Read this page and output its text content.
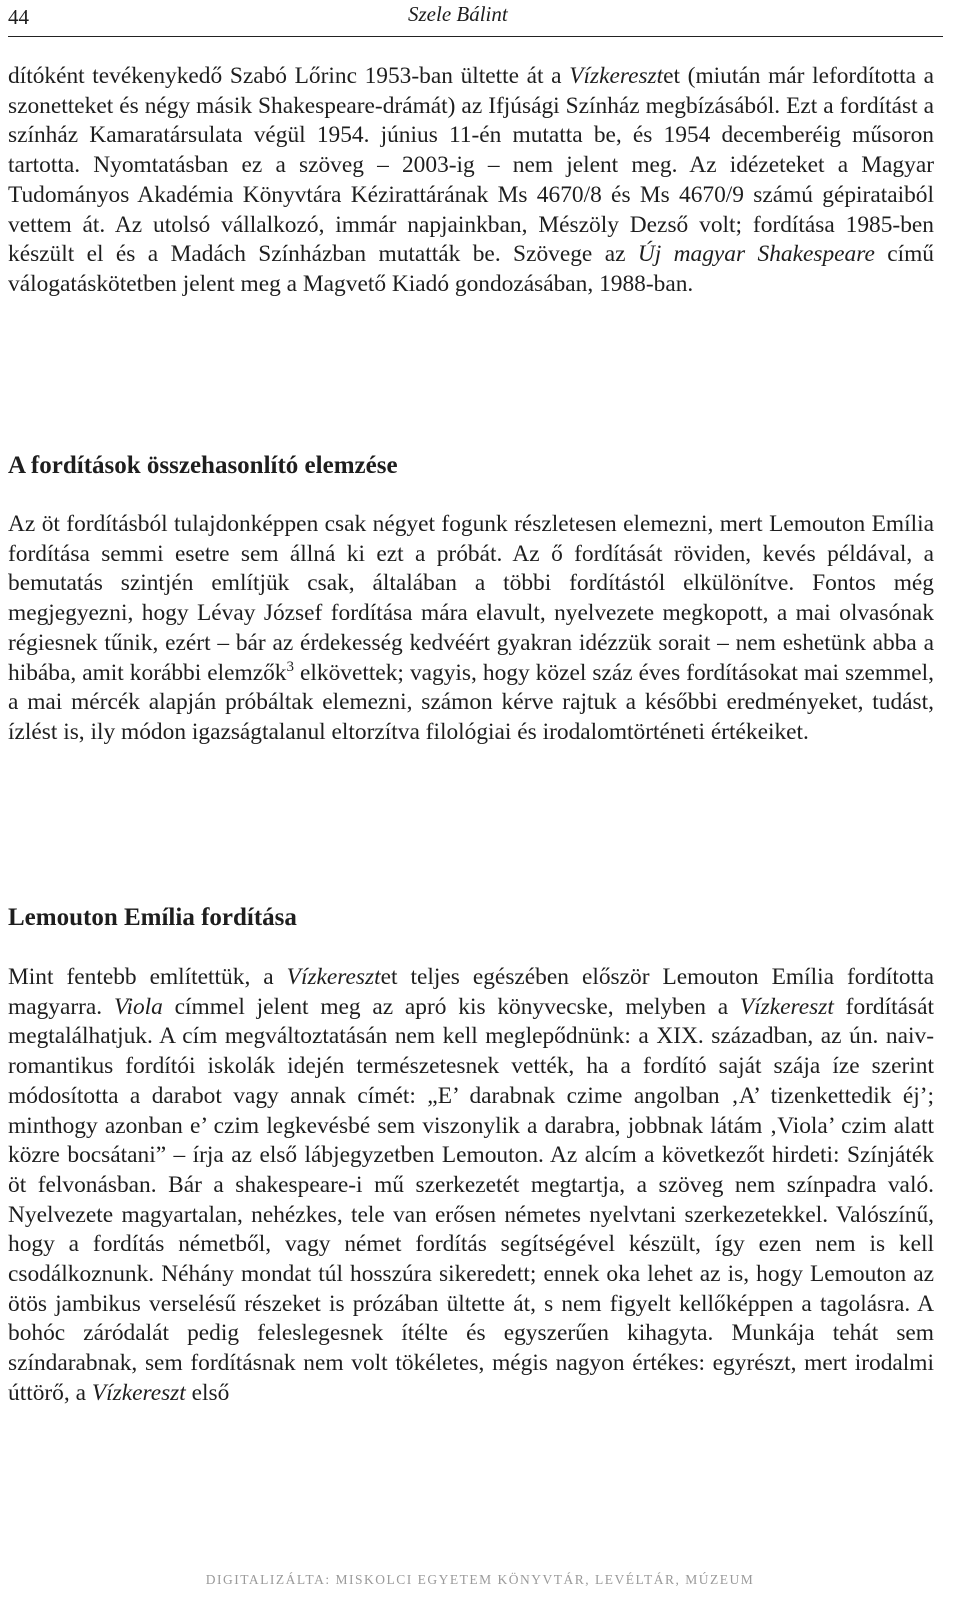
44	Szele Bálint

dítóként tevékenykedő Szabó Lőrinc 1953-ban ültette át a Vízkeresztet (miután már lefordította a szonetteket és négy másik Shakespeare-drámát) az Ifjúsági Színház megbízásából. Ezt a fordítást a színház Kamaratársulata végül 1954. június 11-én mutatta be, és 1954 decemberéig műsoron tartotta. Nyomtatásban ez a szöveg – 2003-ig – nem jelent meg. Az idézeteket a Magyar Tudományos Akadémia Könyvtára Kézirattárának Ms 4670/8 és Ms 4670/9 számú gépirataiból vettem át. Az utolsó vállalkozó, immár napjainkban, Mészöly Dezső volt; fordítása 1985-ben készült el és a Madách Színházban mutatták be. Szövege az Új magyar Shakespeare című válogatáskötetben jelent meg a Magvető Kiadó gondozásában, 1988-ban.

A fordítások összehasonlító elemzése

Az öt fordításból tulajdonképpen csak négyet fogunk részletesen elemezni, mert Lemouton Emília fordítása semmi esetre sem állná ki ezt a próbát. Az ő fordítását röviden, kevés példával, a bemutatás szintjén említjük csak, általában a többi fordítástól elkülönítve. Fontos még megjegyezni, hogy Lévay József fordítása mára elavult, nyelvezete megkopott, a mai olvasónak régiesnek tűnik, ezért – bár az érdekesség kedvéért gyakran idézzük sorait – nem eshetünk abba a hibába, amit korábbi elemzők$^3$ elkövettek; vagyis, hogy közel száz éves fordításokat mai szemmel, a mai mércék alapján próbáltak elemezni, számon kérve rajtuk a későbbi eredményeket, tudást, ízlést is, ily módon igazságtalanul eltorzítva filológiai és irodalomtörténeti értékeiket.

Lemouton Emília fordítása

Mint fentebb említettük, a Vízkeresztet teljes egészében először Lemouton Emília fordította magyarra. Viola címmel jelent meg az apró kis könyvecske, melyben a Vízkereszt fordítását megtalálhatjuk. A cím megváltoztatásán nem kell meglepődnünk: a XIX. században, az ún. naiv-romantikus fordítói iskolák idején természetesnek vették, ha a fordító saját szája íze szerint módosította a darabot vagy annak címét: „E’ darabnak czime angolban ‚A’ tizenkettedik éj’; minthogy azonban e’ czim legkevésbé sem viszonylik a darabra, jobbnak látám ‚Viola’ czim alatt közre bocsátani” – írja az első lábjegyzetben Lemouton. Az alcím a következőt hirdeti: Színjáték öt felvonásban. Bár a shakespeare-i mű szerkezetét megtartja, a szöveg nem színpadra való. Nyelvezete magyartalan, nehézkes, tele van erősen németes nyelvtani szerkezetekkel. Valószínű, hogy a fordítás németből, vagy német fordítás segítségével készült, így ezen nem is kell csodálkoznunk. Néhány mondat túl hosszúra sikeredett; ennek oka lehet az is, hogy Lemouton az ötös jambikus verselésű részeket is prózában ültette át, s nem figyelt kellőképpen a tagolásra. A bohóc záródalát pedig feleslegesnek ítélte és egyszerűen kihagyta. Munkája tehát sem színdarabnak, sem fordításnak nem volt tökéletes, mégis nagyon értékes: egyrészt, mert irodalmi úttörő, a Vízkereszt első

DIGITALIZÁLTA: MISKOLCI EGYETEM KÖNYVTÁR, LEVÉLTÁR, MÚZEUM
